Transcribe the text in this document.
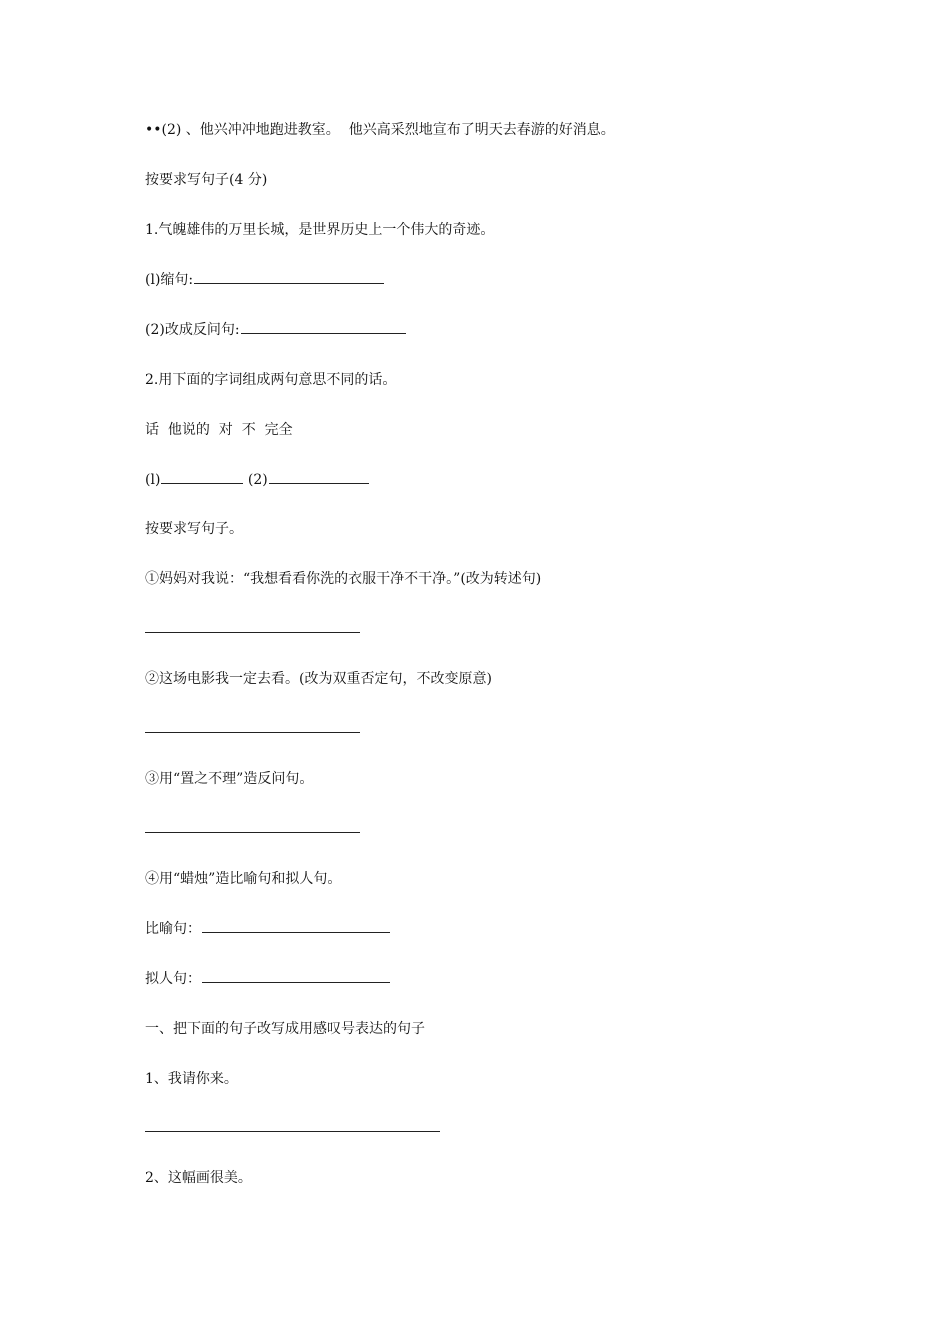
••(2) 、他兴冲冲地跑进教室。  他兴高采烈地宣布了明天去春游的好消息。
按要求写句子(4 分)
1.气魄雄伟的万里长城，是世界历史上一个伟大的奇迹。
(l)缩句:
(2)改成反问句:
2.用下面的字词组成两句意思不同的话。
话  他说的  对  不  完全
(l)	(2)
按要求写句子。
①妈妈对我说：“我想看看你洗的衣服干净不干净。”(改为转述句)
②这场电影我一定去看。(改为双重否定句，不改变原意)
③用“置之不理”造反问句。
④用“蜡烛”造比喻句和拟人句。
比喻句：
拟人句：
一、把下面的句子改写成用感叹号表达的句子
1、我请你来。
2、这幅画很美。
